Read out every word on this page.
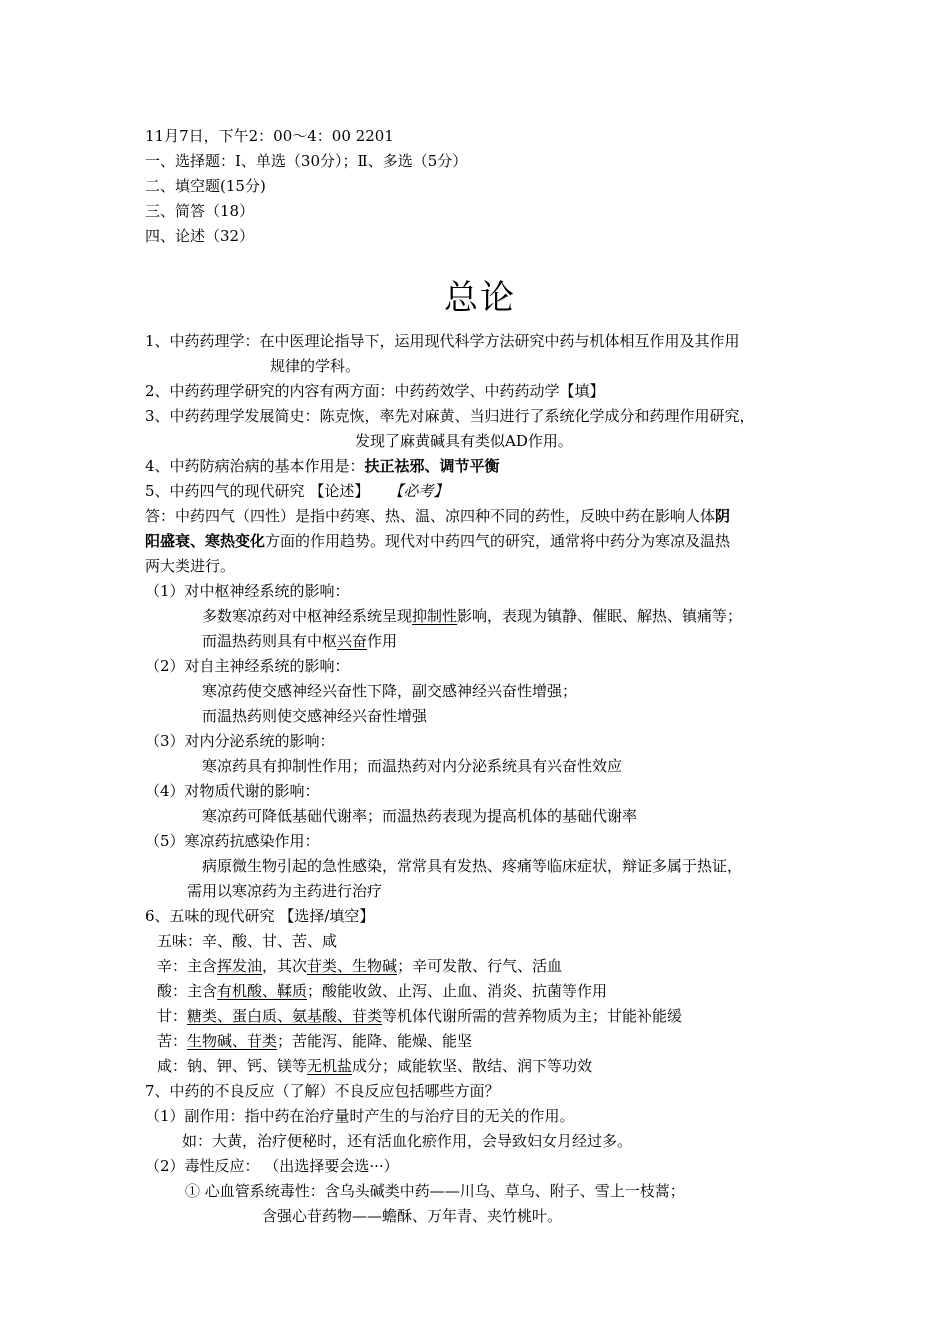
11月7日，下午2：00～4：00 2201
一、选择题：Ⅰ、单选（30分）；Ⅱ、多选（5分）
二、填空题(15分)
三、简答（18）
四、论述（32）
总论
1、中药药理学：在中医理论指导下，运用现代科学方法研究中药与机体相互作用及其作用
规律的学科。
2、中药药理学研究的内容有两方面：中药药效学、中药药动学【填】
3、中药药理学发展简史：陈克恢，率先对麻黄、当归进行了系统化学成分和药理作用研究，
发现了麻黄碱具有类似AD作用。
4、中药防病治病的基本作用是：扶正祛邪、调节平衡
5、中药四气的现代研究 【论述】    【必考】
答：中药四气（四性）是指中药寒、热、温、凉四种不同的药性，反映中药在影响人体阴
阳盛衰、寒热变化方面的作用趋势。现代对中药四气的研究，通常将中药分为寒凉及温热
两大类进行。
（1）对中枢神经系统的影响：
多数寒凉药对中枢神经系统呈现抑制性影响，表现为镇静、催眠、解热、镇痛等；
而温热药则具有中枢兴奋作用
（2）对自主神经系统的影响：
寒凉药使交感神经兴奋性下降，副交感神经兴奋性增强；
而温热药则使交感神经兴奋性增强
（3）对内分泌系统的影响：
寒凉药具有抑制性作用；而温热药对内分泌系统具有兴奋性效应
（4）对物质代谢的影响：
寒凉药可降低基础代谢率；而温热药表现为提高机体的基础代谢率
（5）寒凉药抗感染作用：
病原微生物引起的急性感染，常常具有发热、疼痛等临床症状，辩证多属于热证，
需用以寒凉药为主药进行治疗
6、五味的现代研究 【选择/填空】
五味：辛、酸、甘、苦、咸
辛：主含挥发油，其次苷类、生物碱；辛可发散、行气、活血
酸：主含有机酸、鞣质；酸能收敛、止泻、止血、消炎、抗菌等作用
甘：糖类、蛋白质、氨基酸、苷类等机体代谢所需的营养物质为主；甘能补能缓
苦：生物碱、苷类；苦能泻、能降、能燥、能坚
咸：钠、钾、钙、镁等无机盐成分；咸能软坚、散结、润下等功效
7、中药的不良反应（了解）不良反应包括哪些方面？
（1）副作用：指中药在治疗量时产生的与治疗目的无关的作用。
如：大黄，治疗便秘时，还有活血化瘀作用，会导致妇女月经过多。
（2）毒性反应： （出选择要会选···）
① 心血管系统毒性：含乌头碱类中药——川乌、草乌、附子、雪上一枝蒿；
含强心苷药物——蟾酥、万年青、夹竹桃叶。
